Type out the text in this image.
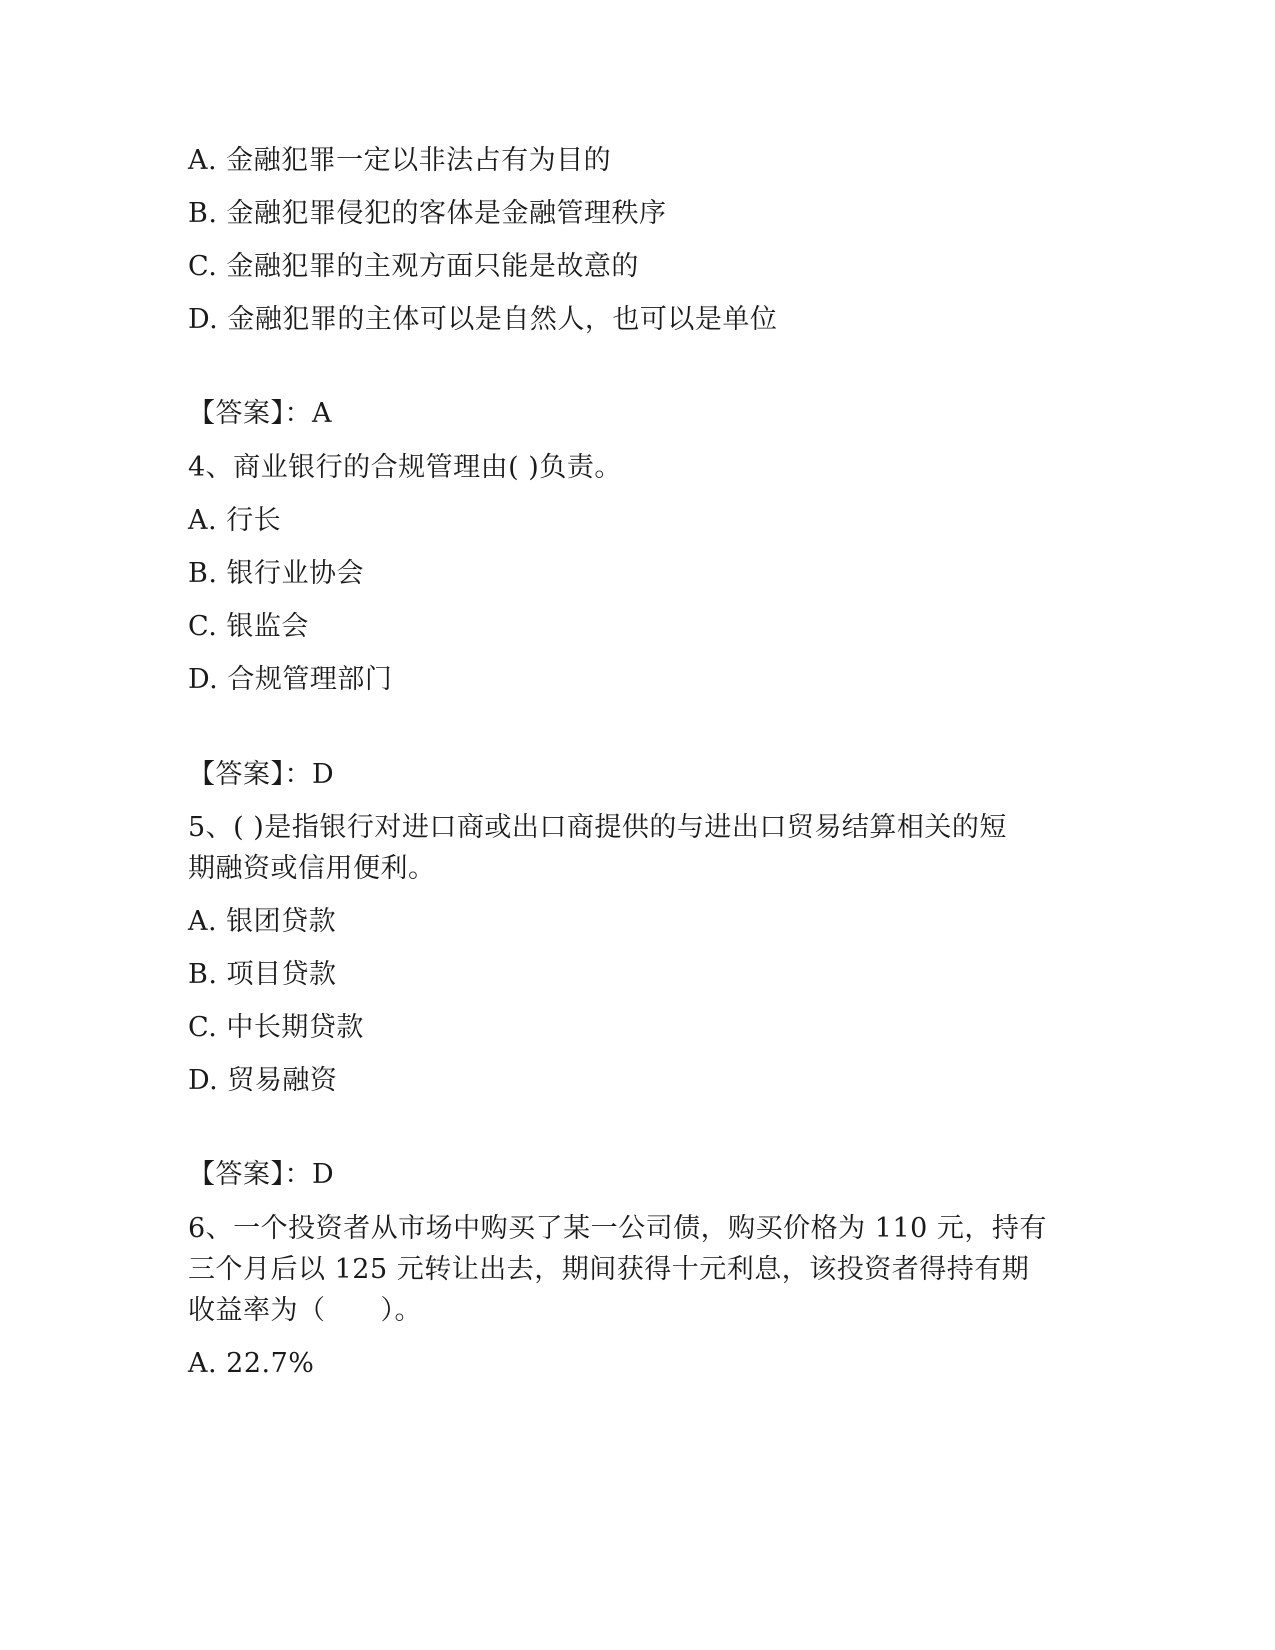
A. 金融犯罪一定以非法占有为目的
B. 金融犯罪侵犯的客体是金融管理秩序
C. 金融犯罪的主观方面只能是故意的
D. 金融犯罪的主体可以是自然人，也可以是单位
【答案】：A
4、商业银行的合规管理由( )负责。
A. 行长
B. 银行业协会
C. 银监会
D. 合规管理部门
【答案】：D
5、( )是指银行对进口商或出口商提供的与进出口贸易结算相关的短
期融资或信用便利。
A. 银团贷款
B. 项目贷款
C. 中长期贷款
D. 贸易融资
【答案】：D
6、一个投资者从市场中购买了某一公司债，购买价格为 110 元，持有
三个月后以 125 元转让出去，期间获得十元利息，该投资者得持有期
收益率为（　　）。
A. 22.7%
